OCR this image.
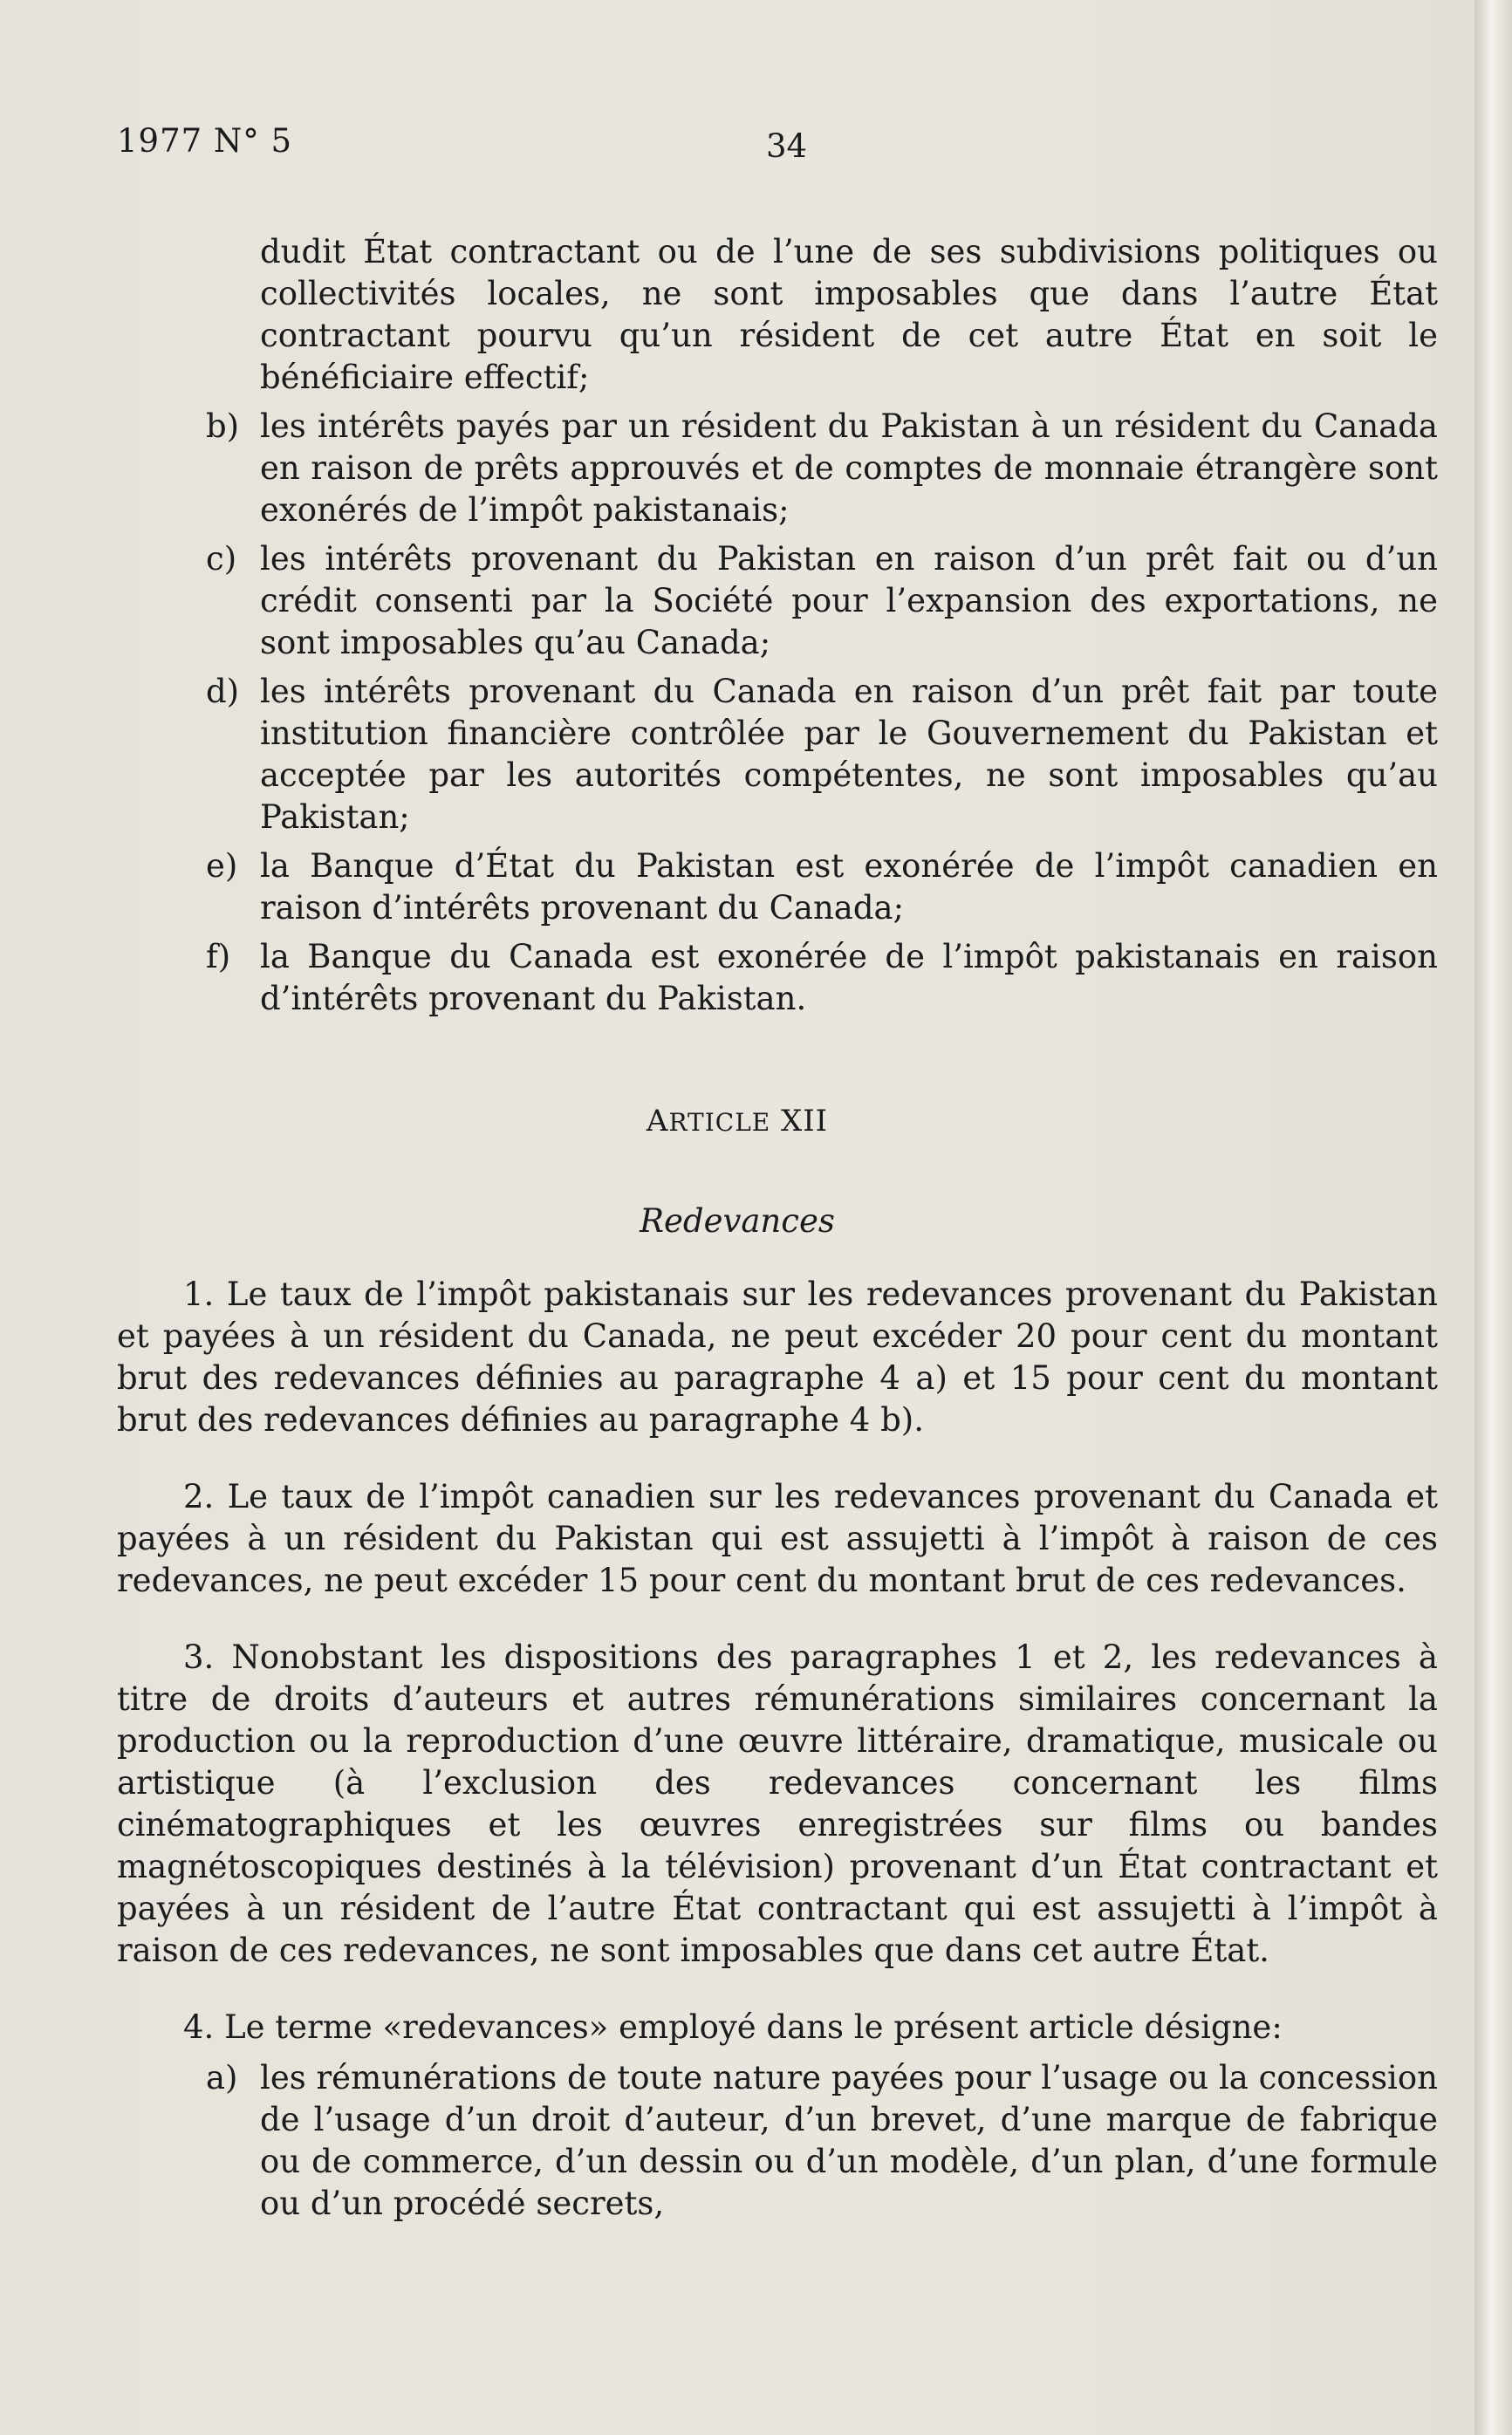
1977 N° 5	34
dudit État contractant ou de l’une de ses subdivisions politiques ou collectivités locales, ne sont imposables que dans l’autre État contractant pourvu qu’un résident de cet autre État en soit le bénéficiaire effectif;
b) les intérêts payés par un résident du Pakistan à un résident du Canada en raison de prêts approuvés et de comptes de monnaie étrangère sont exonérés de l’impôt pakistanais;
c) les intérêts provenant du Pakistan en raison d’un prêt fait ou d’un crédit consenti par la Société pour l’expansion des exportations, ne sont imposables qu’au Canada;
d) les intérêts provenant du Canada en raison d’un prêt fait par toute institution financière contrôlée par le Gouvernement du Pakistan et acceptée par les autorités compétentes, ne sont imposables qu’au Pakistan;
e) la Banque d’État du Pakistan est exonérée de l’impôt canadien en raison d’intérêts provenant du Canada;
f) la Banque du Canada est exonérée de l’impôt pakistanais en raison d’intérêts provenant du Pakistan.
ARTICLE XII
Redevances

1. Le taux de l’impôt pakistanais sur les redevances provenant du Pakistan et payées à un résident du Canada, ne peut excéder 20 pour cent du montant brut des redevances définies au paragraphe 4 a) et 15 pour cent du montant brut des redevances définies au paragraphe 4 b).

2. Le taux de l’impôt canadien sur les redevances provenant du Canada et payées à un résident du Pakistan qui est assujetti à l’impôt à raison de ces redevances, ne peut excéder 15 pour cent du montant brut de ces redevances.

3. Nonobstant les dispositions des paragraphes 1 et 2, les redevances à titre de droits d’auteurs et autres rémunérations similaires concernant la production ou la reproduction d’une œuvre littéraire, dramatique, musicale ou artistique (à l’exclusion des redevances concernant les films cinématographiques et les œuvres enregistrées sur films ou bandes magnétoscopiques destinés à la télévision) provenant d’un État contractant et payées à un résident de l’autre État contractant qui est assujetti à l’impôt à raison de ces redevances, ne sont imposables que dans cet autre État.

4. Le terme «redevances» employé dans le présent article désigne:

a) les rémunérations de toute nature payées pour l’usage ou la concession de l’usage d’un droit d’auteur, d’un brevet, d’une marque de fabrique ou de commerce, d’un dessin ou d’un modèle, d’un plan, d’une formule ou d’un procédé secrets,
